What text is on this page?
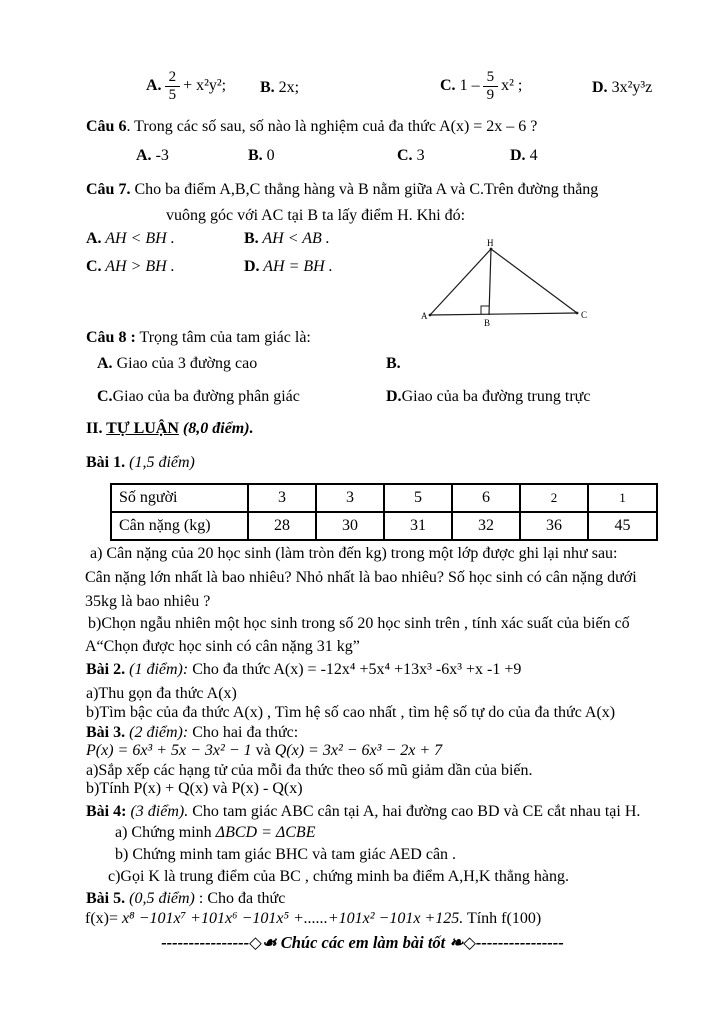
A. $\frac{2}{5} + x^2y^2$; B. 2x;	C. $1 - \frac{5}{9} x^2$ ;	D. 3x²y³z
Câu 6. Trong các số sau, số nào là nghiệm cuả đa thức A(x) = 2x – 6 ?
A. -3	B. 0	C. 3	D. 4
Câu 7. Cho ba điểm A,B,C thẳng hàng và B nằm giữa A và C.Trên đường thẳng
vuông góc với AC tại B ta lấy điểm H. Khi đó:
A. AH < BH .	B. AH < AB .
C. AH > BH .	D. AH = BH .
A
B
C
H
Câu 8 : Trọng tâm của tam giác là:
A. Giao của 3 đường cao	B.
C.Giao của ba đường phân giác	D.Giao của ba đường trung trực
II. TỰ LUẬN (8,0 điểm).
Bài 1. (1,5 điểm)
Số người	3	3	5	6	2	1
Cân nặng (kg)	28	30	31	32	36	45
a) Cân nặng của 20 học sinh (làm tròn đến kg) trong một lớp được ghi lại như sau:
Cân nặng lớn nhất là bao nhiêu? Nhỏ nhất là bao nhiêu? Số học sinh có cân nặng dưới
35kg là bao nhiêu ?
b)Chọn ngẫu nhiên một học sinh trong số 20 học sinh trên , tính xác suất của biến cố
A“Chọn được học sinh có cân nặng 31 kg”
Bài 2. (1 điểm): Cho đa thức A(x) = -12x⁴ +5x⁴ +13x³ -6x³ +x -1 +9
a)Thu gọn đa thức A(x)
b)Tìm bậc của đa thức A(x) , Tìm hệ số cao nhất , tìm hệ số tự do của đa thức A(x)
Bài 3. (2 điểm): Cho hai đa thức:
P(x) = 6x³ + 5x − 3x² − 1 và Q(x) = 3x² − 6x³ − 2x + 7
a)Sắp xếp các hạng tử của mỗi đa thức theo số mũ giảm dần của biến.
b)Tính P(x) + Q(x) và P(x) - Q(x)
Bài 4: (3 điểm). Cho tam giác ABC cân tại A, hai đường cao BD và CE cắt nhau tại H.
a) Chứng minh ΔBCD = ΔCBE
b) Chứng minh tam giác BHC và tam giác AED cân .
c)Gọi K là trung điểm của BC , chứng minh ba điểm A,H,K thẳng hàng.
Bài 5. (0,5 điểm) : Cho đa thức
f(x)= x⁸ −101x⁷ +101x⁶ −101x⁵ +......+101x² −101x +125. Tính f(100)
----------------◇☙ Chúc các em làm bài tốt ❧◇----------------
